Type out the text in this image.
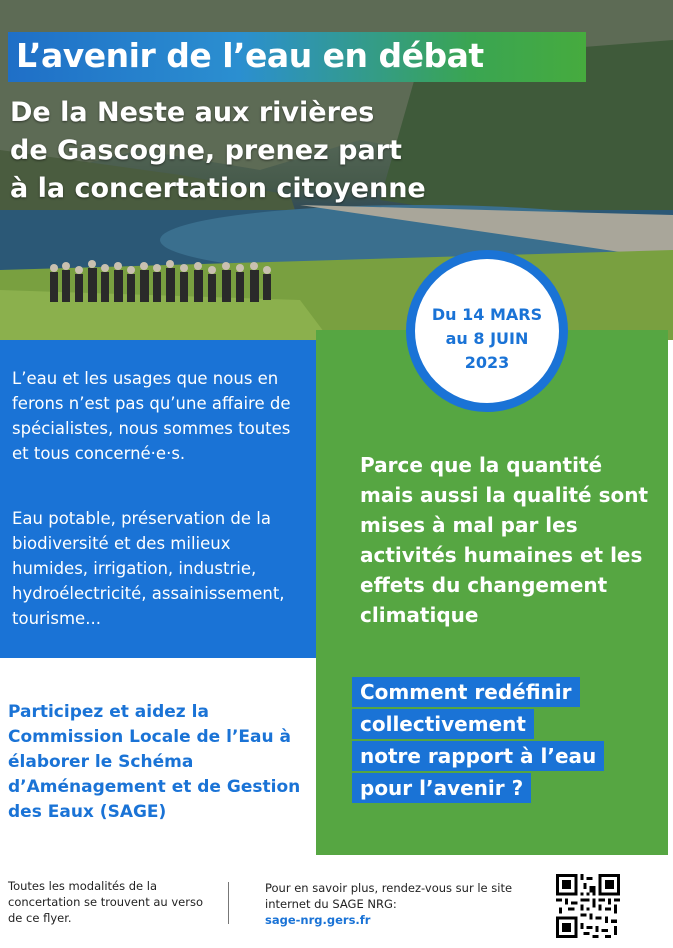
L’avenir de l’eau en débat
De la Neste aux rivières
de Gascogne, prenez part
à la concertation citoyenne
L’eau et les usages que nous en ferons n’est pas qu’une affaire de spécialistes, nous sommes toutes et tous concerné·e·s.
Eau potable, préservation de la biodiversité et des milieux humides, irrigation, industrie, hydroélectricité, assainissement, tourisme...
Du 14 MARS
au 8 JUIN
2023
Parce que la quantité mais aussi la qualité sont mises à mal par les activités humaines et les effets du changement climatique
Comment redéfinir
collectivement
notre rapport à l’eau
pour l’avenir ?
Participez et aidez la Commission Locale de l’Eau à élaborer le Schéma d’Aménagement et de Gestion des Eaux (SAGE)
Toutes les modalités de la concertation se trouvent au verso de ce flyer.
Pour en savoir plus, rendez-vous sur le site internet du SAGE NRG:
sage-nrg.gers.fr
